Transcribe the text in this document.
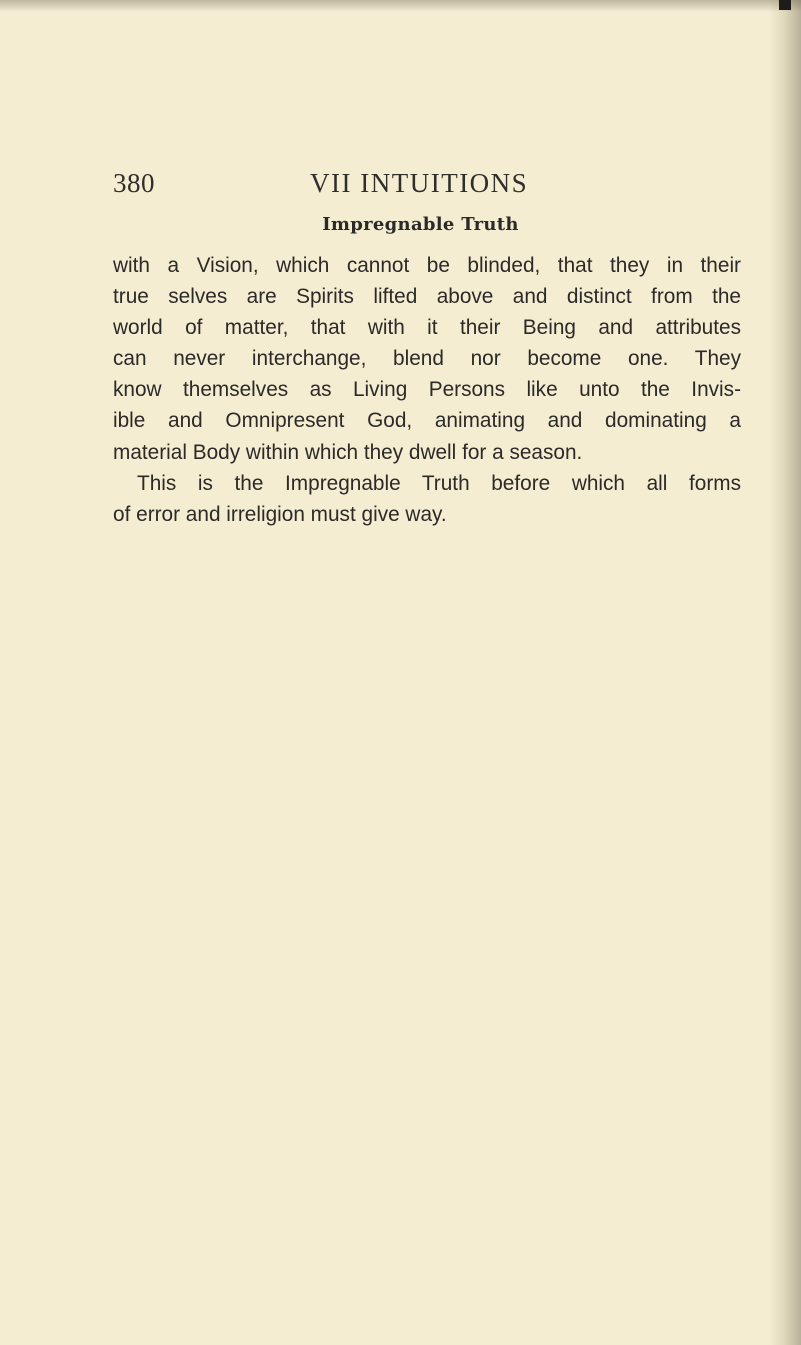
380	VII INTUITIONS
Impregnable Truth

with a Vision, which cannot be blinded, that they in their

true selves are Spirits lifted above and distinct from the

world of matter, that with it their Being and attributes

can never interchange, blend nor become one. They

know themselves as Living Persons like unto the Invis-

ible and Omnipresent God, animating and dominating a

material Body within which they dwell for a season.

This is the Impregnable Truth before which all forms

of error and irreligion must give way.
